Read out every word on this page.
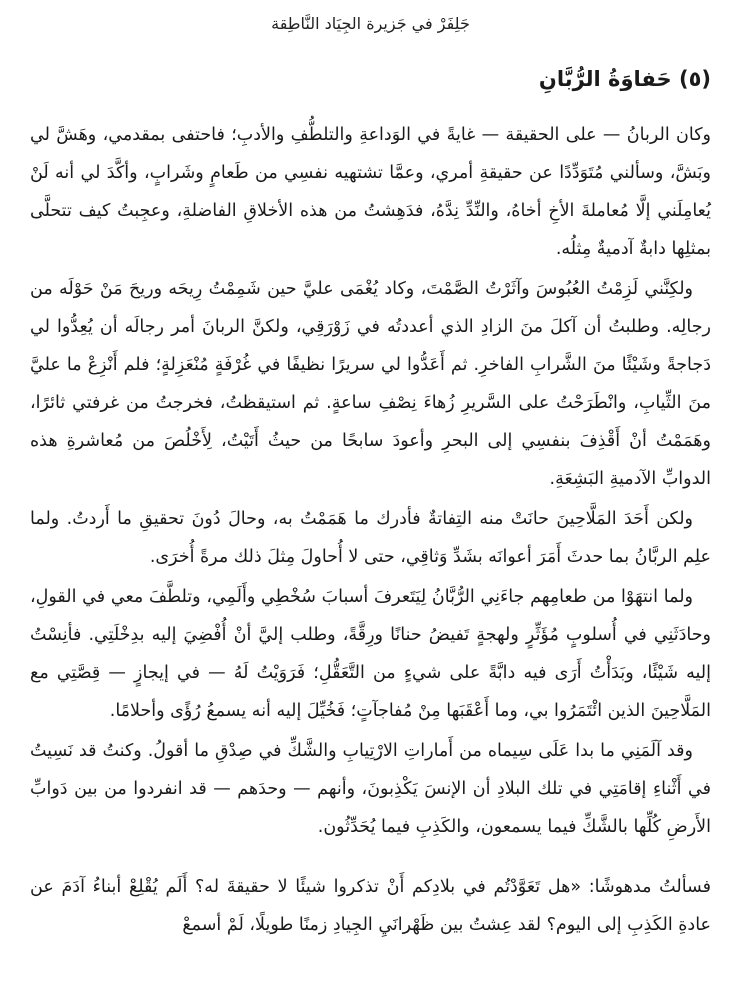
جَلِفَرْ في جَزيرة الجِيَاد النَّاطِقة
(٥) حَفاوَةُ الرُّبَّانِ

وكان الربانُ — على الحقيقة — غايةً في الوَداعةِ والتلطُّفِ والأدبِ؛ فاحتفى بمقدمي، وهَشَّ لي وبَشَّ، وسألني مُتَوَدِّدًا عن حقيقةِ أمري، وعمَّا تشتهيه نفسِي من طَعامٍ وشَرابٍ، وأكَّدَ لي أنه لَنْ يُعامِلَني إلَّا مُعاملةَ الأخِ أخاهُ، والنِّدِّ نِدَّهُ، فدَهِشتُ من هذه الأخلاقِ الفاضلةِ، وعجِبتُ كيف تتحلَّى بمثلِها دابةٌ آدميةٌ مِثلُه.

ولكِنَّني لَزِمْتُ العُبُوسَ وآثَرْتُ الصَّمْتَ، وكاد يُغْمَى عليَّ حين شَمِمْتُ رِيحَه وريحَ مَنْ حَوْلَه من رجالِه. وطلبتُ أن آكلَ منَ الزادِ الذي أعددتُه في زَوْرَقِي، ولكنَّ الربانَ أمر رجالَه أن يُعِدُّوا لي دَجاجةً وشَيْئًا منَ الشَّرابِ الفاخرِ. ثم أَعَدُّوا لي سريرًا نظيفًا في غُرْفَةٍ مُنْعَزِلةٍ؛ فلم أَنْزِعْ ما عليَّ منَ الثِّيابِ، وانْطَرَحْتُ على السَّريرِ زُهاءَ نِصْفِ ساعةٍ. ثم استيقظتُ، فخرجتُ من غرفتي ثائرًا، وهَمَمْتُ أنْ أَقْذِفَ بنفسِي إلى البحرِ وأعودَ سابحًا من حيثُ أَتَيْتُ، لِأَخْلُصَ من مُعاشرةِ هذه الدوابِّ الآدميةِ البَشِعَةِ.

ولكن أَحَدَ المَلَّاحِينَ حانَتْ منه التِفاتةٌ فأدرك ما هَمَمْتُ به، وحالَ دُونَ تحقيقِ ما أَردتُ. ولما علِم الربَّانُ بما حدثَ أَمَرَ أعوانَه بشَدِّ وَثاقِي، حتى لا أُحاولَ مِثلَ ذلك مرةً أُخرَى.

ولما انتهَوْا من طعامِهم جاءَنِي الرُّبَّانُ لِيَتَعرفَ أسبابَ سُخْطِي وأَلَمِي، وتلطَّفَ معي في القولِ، وحادَثَنِي في أُسلوبٍ مُؤَثِّرٍ ولهجةٍ تَفيضُ حنانًا ورِقَّةً، وطلب إليَّ أنْ أُفْضِيَ إليه بدِخْلَتِي. فأنِسْتُ إليه شَيْئًا، وبَدَأْتُ أَرَى فيه دابَّةً على شيءٍ من التَّعَقُّلِ؛ فَرَوَيْتُ لَهُ — في إيجازٍ — قِصَّتِي مع المَلَّاحِينَ الذين ائْتَمَرُوا بي، وما أَعْقَبَها مِنْ مُفاجآتٍ؛ فَخُيِّلَ إليه أنه يسمعُ رُؤًى وأحلامًا.

وقد آلَمَنِي ما بدا عَلَى سِيماه من أَماراتِ الارْتِيابِ والشَّكِّ في صِدْقِ ما أقولُ. وكنتُ قد نَسِيتُ في أَثْناءِ إقامَتِي في تلك البلادِ أن الإنسَ يَكْذِبونَ، وأنهم — وحدَهم — قد انفردوا من بين دَوابِّ الأَرضِ كُلِّها بالشَّكِّ فيما يسمعون، والكَذِبِ فيما يُحَدِّثُون.

فسألتُ مدهوشًا: «هل تَعَوَّدْتُم في بلادِكم أَنْ تذكروا شيئًا لا حقيقةَ له؟ أَلَم يُقْلِعْ أبناءُ آدَمَ عن عادةِ الكَذِبِ إلى اليوم؟ لقد عِشتُ بين ظَهْرانَيِ الجِيادِ زمنًا طويلًا، لَمْ أسمعْ
